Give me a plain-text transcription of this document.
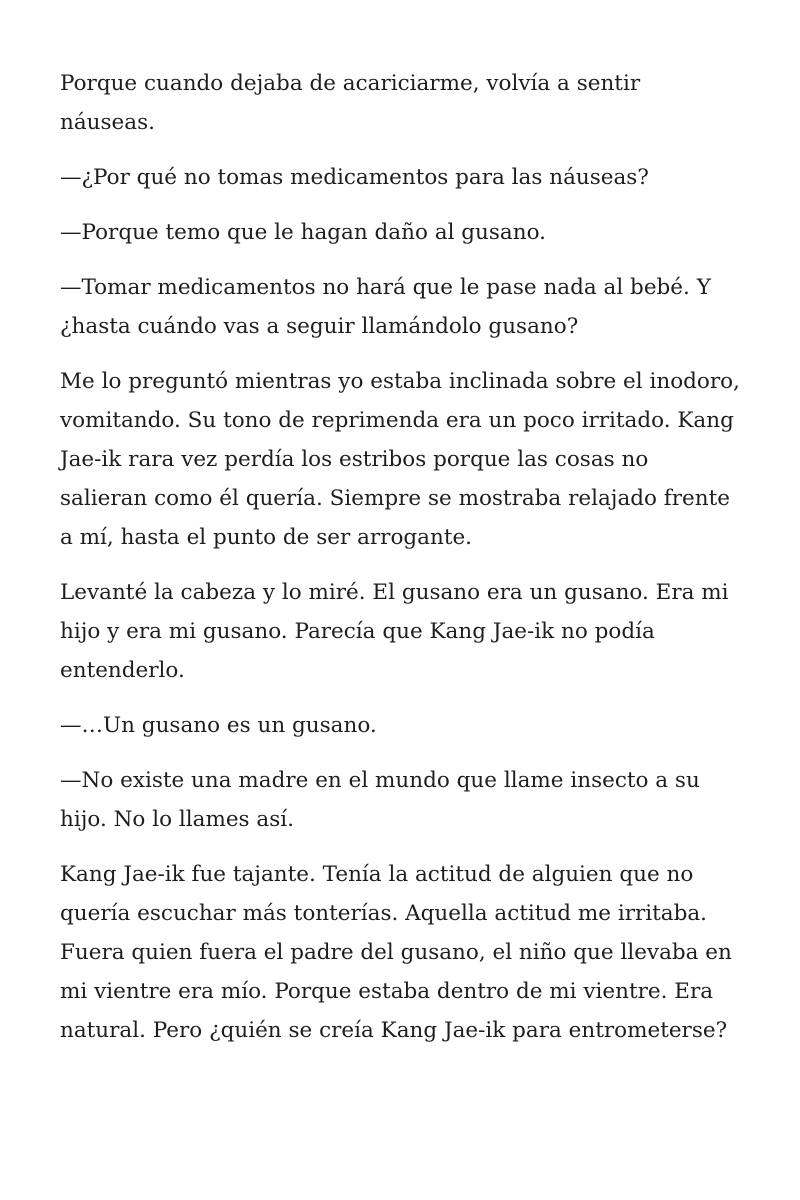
Porque cuando dejaba de acariciarme, volvía a sentir náuseas.

—¿Por qué no tomas medicamentos para las náuseas?

—Porque temo que le hagan daño al gusano.

—Tomar medicamentos no hará que le pase nada al bebé. Y ¿hasta cuándo vas a seguir llamándolo gusano?

Me lo preguntó mientras yo estaba inclinada sobre el inodoro, vomitando. Su tono de reprimenda era un poco irritado. Kang Jae-ik rara vez perdía los estribos porque las cosas no salieran como él quería. Siempre se mostraba relajado frente a mí, hasta el punto de ser arrogante.

Levanté la cabeza y lo miré. El gusano era un gusano. Era mi hijo y era mi gusano. Parecía que Kang Jae-ik no podía entenderlo.

—…Un gusano es un gusano.

—No existe una madre en el mundo que llame insecto a su hijo. No lo llames así.

Kang Jae-ik fue tajante. Tenía la actitud de alguien que no quería escuchar más tonterías. Aquella actitud me irritaba. Fuera quien fuera el padre del gusano, el niño que llevaba en mi vientre era mío. Porque estaba dentro de mi vientre. Era natural. Pero ¿quién se creía Kang Jae-ik para entrometerse?
